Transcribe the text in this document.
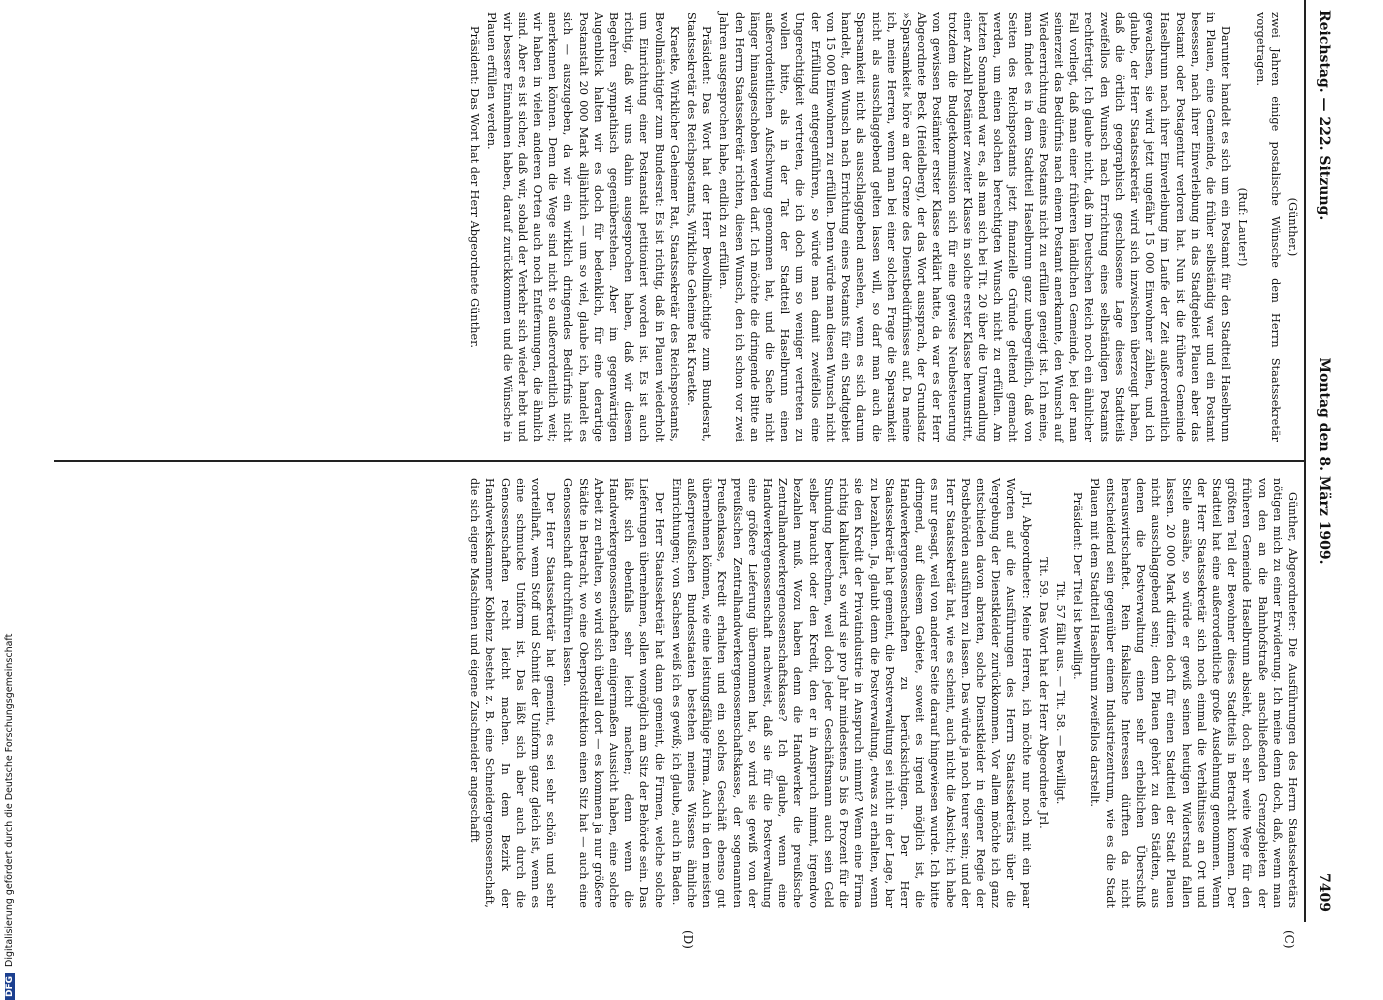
Reichstag. — 222. Sitzung.
Montag den 8. März 1909.
7409
(C)
(D)

(Günther.)

zwei Jahren einige postalische Wünsche dem Herrn Staatssekretär vorgetragen.

(Ruf: Lauter!)

Darunter handelt es sich um ein Postamt für den Stadtteil Haselbrunn in Plauen, eine Gemeinde, die früher selbständig war und ein Postamt besessen, nach ihrer Einverleibung in das Stadtgebiet Plauen aber das Postamt oder Postagentur verloren hat. Nun ist die frühere Gemeinde Haselbrunn nach ihrer Einverleibung im Laufe der Zeit außerordentlich gewachsen, sie wird jetzt ungefähr 15 000 Einwohner zählen, und ich glaube, der Herr Staatssekretär wird sich inzwischen überzeugt haben, daß die örtlich geographisch geschlossene Lage dieses Stadtteils zweifellos den Wunsch nach Errichtung eines selbständigen Postamts rechtfertigt. Ich glaube nicht, daß im Deutschen Reich noch ein ähnlicher Fall vorliegt, daß man einer früheren ländlichen Gemeinde, bei der man seinerzeit das Bedürfnis nach einem Postamt anerkannte, den Wunsch auf Wiedererrichtung eines Postamts nicht zu erfüllen geneigt ist. Ich meine, man findet es in dem Stadtteil Haselbrunn ganz unbegreiflich, daß von Seiten des Reichspostamts jetzt finanzielle Gründe geltend gemacht werden, um einen solchen berechtigten Wunsch nicht zu erfüllen. Am letzten Sonnabend war es, als man sich bei Tit. 20 über die Umwandlung einer Anzahl Postämter zweiter Klasse in solche erster Klasse herumstritt, trotzdem die Budgetkommission sich für eine gewisse Neubesteuerung von gewissen Postämter erster Klasse erklärt hatte, da war es der Herr Abgeordnete Beck (Heidelberg), der das Wort aussprach, der Grundsatz »Sparsamkeit« höre an der Grenze des Dienstbedürfnisses auf. Da meine ich, meine Herren, wenn man bei einer solchen Frage die Sparsamkeit nicht als ausschlaggebend gelten lassen will, so darf man auch die Sparsamkeit nicht als ausschlaggebend ansehen, wenn es sich darum handelt, den Wunsch nach Errichtung eines Postamts für ein Stadtgebiet von 15 000 Einwohnern zu erfüllen. Denn würde man diesen Wunsch nicht der Erfüllung entgegenführen, so würde man damit zweifellos eine Ungerechtigkeit vertreten, die ich doch um so weniger vertreten zu wollen bitte, als in der Tat der Stadtteil Haselbrunn einen außerordentlichen Aufschwung genommen hat, und die Sache nicht länger hinausgeschoben werden darf. Ich möchte die dringende Bitte an den Herrn Staatssekretär richten, diesen Wunsch, den ich schon vor zwei Jahren ausgesprochen habe, endlich zu erfüllen.

Präsident: Das Wort hat der Herr Bevollmächtigte zum Bundesrat, Staatssekretär des Reichspostamts, Wirkliche Geheime Rat Kraetke.

Kraetke, Wirklicher Geheimer Rat, Staatssekretär des Reichspostamts, Bevollmächtigter zum Bundesrat: Es ist richtig, daß in Plauen wiederholt um Einrichtung einer Postanstalt petitioniert worden ist. Es ist auch richtig, daß wir uns dahin ausgesprochen haben, daß wir diesem Begehren sympathisch gegenüberstehen. Aber im gegenwärtigen Augenblick halten wir es doch für bedenklich, für eine derartige Postanstalt 20 000 Mark alljährlich — um so viel, glaube ich, handelt es sich — auszugeben, da wir ein wirklich dringendes Bedürfnis nicht anerkennen können. Denn die Wege sind nicht so außerordentlich weit; wir haben in vielen anderen Orten auch noch Entfernungen, die ähnlich sind. Aber es ist sicher, daß wir, sobald der Verkehr sich wieder hebt und wir bessere Einnahmen haben, darauf zurückkommen und die Wünsche in Plauen erfüllen werden.

Präsident: Das Wort hat der Herr Abgeordnete Günther.

Günther, Abgeordneter: Die Ausführungen des Herrn Staatssekretärs nötigen mich zu einer Erwiderung. Ich meine denn doch, daß, wenn man von den an die Bahnhofstraße anschließenden Grenzgebieten der früheren Gemeinde Haselbrunn absieht, doch sehr weite Wege für den größten Teil der Bewohner dieses Stadtteils in Betracht kommen. Der Stadtteil hat eine außerordentliche große Ausdehnung genommen. Wenn der Herr Staatssekretär sich noch einmal die Verhältnisse an Ort und Stelle ansähe, so würde er gewiß seinen heutigen Widerstand fallen lassen. 20 000 Mark dürfen doch für einen Stadtteil der Stadt Plauen nicht ausschlaggebend sein; denn Plauen gehört zu den Städten, aus denen die Postverwaltung einen sehr erheblichen Überschuß herauswirtschaftet. Rein fiskalische Interessen dürften da nicht entscheidend sein gegenüber einem Industriezentrum, wie es die Stadt Plauen mit dem Stadtteil Haselbrunn zweifellos darstellt.

Präsident: Der Titel ist bewilligt.

Tit. 57 fällt aus. — Tit. 58. — Bewilligt.

Tit. 59. Das Wort hat der Herr Abgeordnete Jrl.

Jrl, Abgeordneter: Meine Herren, ich möchte nur noch mit ein paar Worten auf die Ausführungen des Herrn Staatssekretärs über die Vergebung der Dienstkleider zurückkommen. Vor allem möchte ich ganz entschieden davon abraten, solche Dienstkleider in eigener Regie der Postbehörden ausführen zu lassen. Das würde ja noch teurer sein; und der Herr Staatssekretär hat, wie es scheint, auch nicht die Absicht; ich habe es nur gesagt, weil von anderer Seite darauf hingewiesen wurde. Ich bitte dringend, auf diesem Gebiete, soweit es irgend möglich ist, die Handwerkergenossenschaften zu berücksichtigen. Der Herr Staatssekretär hat gemeint, die Postverwaltung sei nicht in der Lage, bar zu bezahlen. Ja, glaubt denn die Postverwaltung, etwas zu erhalten, wenn sie den Kredit der Privatindustrie in Anspruch nimmt? Wenn eine Firma richtig kalkuliert, so wird sie pro Jahr mindestens 5 bis 6 Prozent für die Stundung berechnen, weil doch jeder Geschäftsmann auch sein Geld selber braucht oder den Kredit, den er in Anspruch nimmt, irgendwo bezahlen muß. Wozu haben denn die Handwerker die preußische Zentralhandwerkergenossenschaftskasse? Ich glaube, wenn eine Handwerkergenossenschaft nachweist, daß sie für die Postverwaltung eine größere Lieferung übernommen hat, so wird sie gewiß von der preußischen Zentralhandwerkergenossenschaftskasse, der sogenannten Preußenkasse, Kredit erhalten und ein solches Geschäft ebenso gut übernehmen können, wie eine leistungsfähige Firma. Auch in den meisten außerpreußischen Bundesstaaten bestehen meines Wissens ähnliche Einrichtungen; von Sachsen weiß ich es gewiß; ich glaube, auch in Baden.

Der Herr Staatssekretär hat dann gemeint, die Firmen, welche solche Lieferungen übernehmen, sollen womöglich am Sitz der Behörde sein. Das läßt sich ebenfalls sehr leicht machen; denn wenn die Handwerkergenossenschaften einigermaßen Aussicht haben, eine solche Arbeit zu erhalten, so wird sich überall dort — es kommen ja nur größere Städte in Betracht, wo eine Oberpostdirektion einen Sitz hat — auch eine Genossenschaft durchführen lassen.

Der Herr Staatssekretär hat gemeint, es sei sehr schön und sehr vorteilhaft, wenn Stoff und Schnitt der Uniform ganz gleich ist, wenn es eine schmucke Uniform ist. Das läßt sich aber auch durch die Genossenschaften recht leicht machen. In dem Bezirk der Handwerkskammer Koblenz besteht z. B. eine Schneidergenossenschaft, die sich eigene Maschinen und eigene Zuschneider angeschafft

DFGDigitalisierung gefördert durch die Deutsche Forschungsgemeinschaft
